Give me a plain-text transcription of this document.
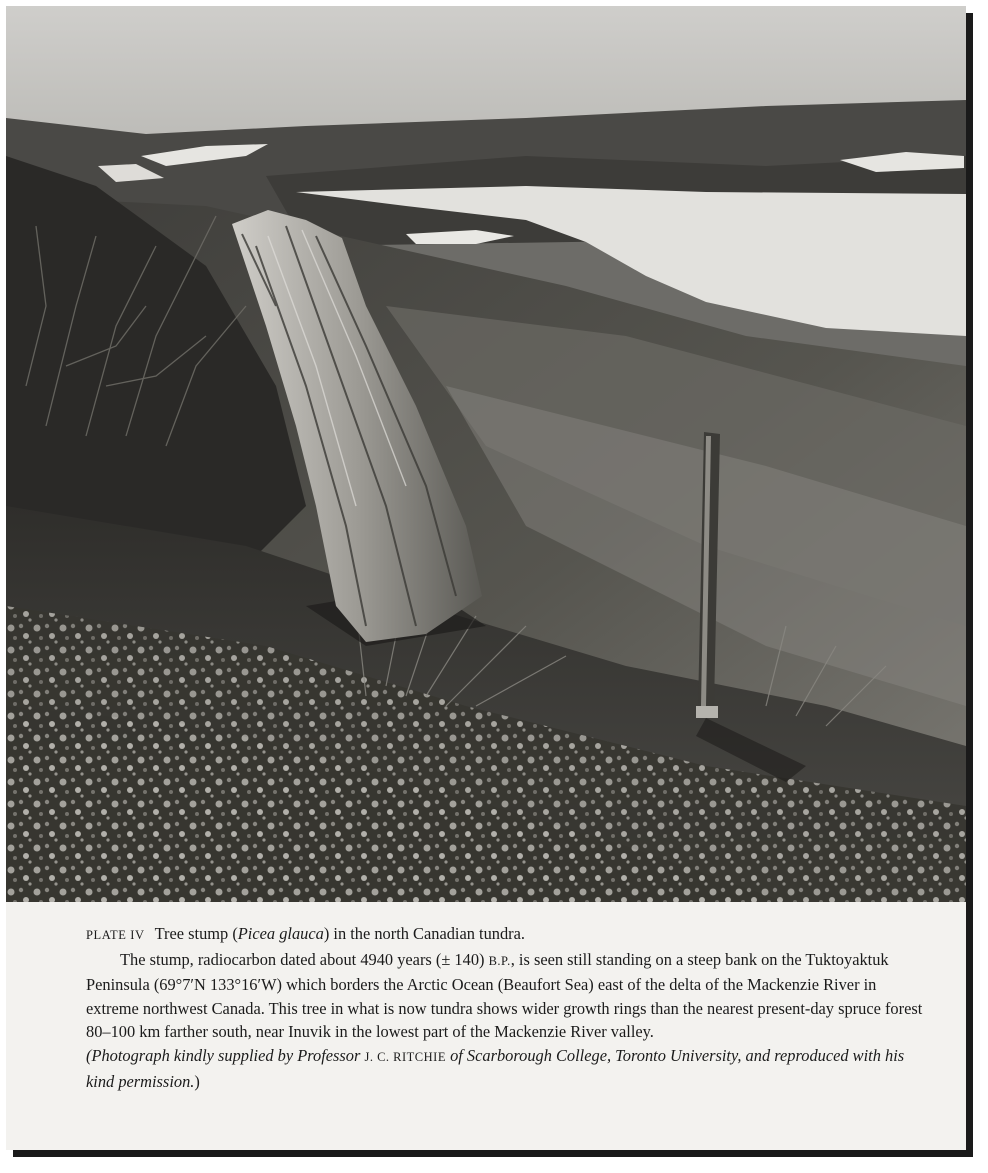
PLATE IV Tree stump (Picea glauca) in the north Canadian tundra.

The stump, radiocarbon dated about 4940 years (± 140) B.P., is seen still standing on a steep bank on the Tuktoyaktuk Peninsula (69°7′N 133°16′W) which borders the Arctic Ocean (Beaufort Sea) east of the delta of the Mackenzie River in extreme northwest Canada. This tree in what is now tundra shows wider growth rings than the nearest present-day spruce forest 80–100 km farther south, near Inuvik in the lowest part of the Mackenzie River valley.

(Photograph kindly supplied by Professor J. C. RITCHIE of Scarborough College, Toronto University, and reproduced with his kind permission.)
